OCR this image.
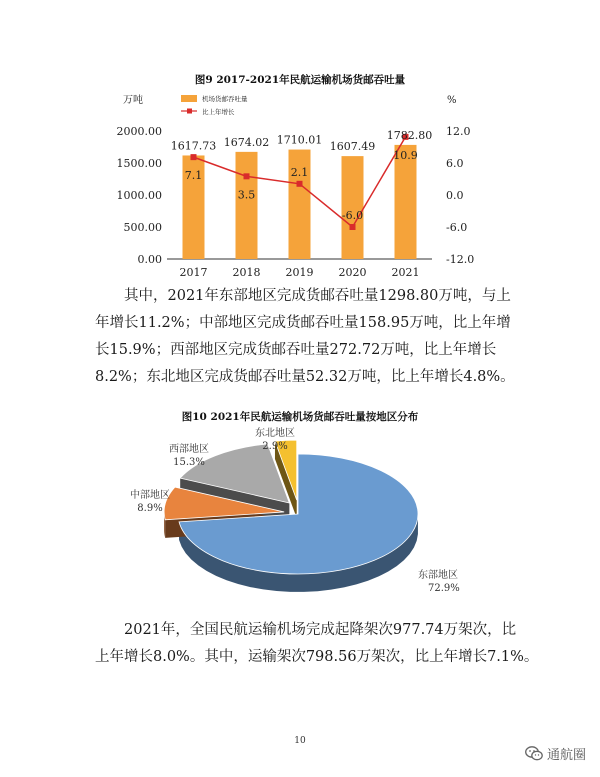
图9 2017-2021年民航运输机场货邮吞吐量
0.00
500.00
1000.00
1500.00
2000.00
-12.0
-6.0
0.0
6.0
12.0
万吨	%
2017 2018 2019 2020 2021
1617.73 1674.02 1710.01
1607.49
1782.80
7.1
3.5
2.1
-6.0
10.9
机场货邮吞吐量
比上年增长
其中，2021年东部地区完成货邮吞吐量1298.80万吨，与上
年增长11.2%；中部地区完成货邮吞吐量158.95万吨，比上年增
长15.9%；西部地区完成货邮吞吐量272.72万吨，比上年增长
8.2%；东北地区完成货邮吞吐量52.32万吨，比上年增长4.8%。
图10 2021年民航运输机场货邮吞吐量按地区分布
东部地区
72.9%
中部地区
8.9%
西部地区
15.3%
东北地区
2.9%
2021年，全国民航运输机场完成起降架次977.74万架次，比
上年增长8.0%。其中，运输架次798.56万架次，比上年增长7.1%。
10
通航圈
